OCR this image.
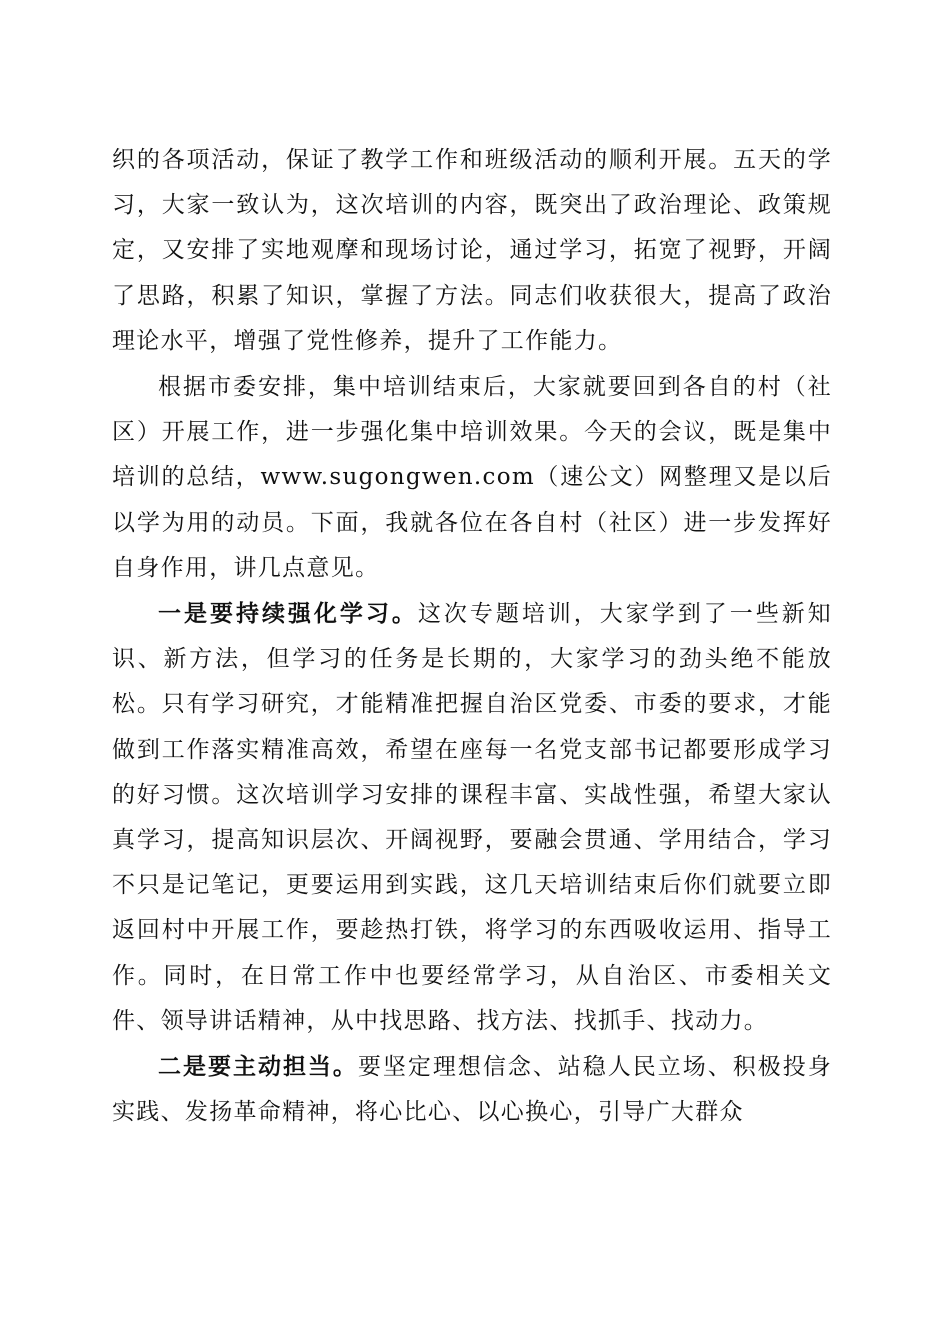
织的各项活动，保证了教学工作和班级活动的顺利开展。五天的学习，大家一致认为，这次培训的内容，既突出了政治理论、政策规定，又安排了实地观摩和现场讨论，通过学习，拓宽了视野，开阔了思路，积累了知识，掌握了方法。同志们收获很大，提高了政治理论水平，增强了党性修养，提升了工作能力。

根据市委安排，集中培训结束后，大家就要回到各自的村（社区）开展工作，进一步强化集中培训效果。今天的会议，既是集中培训的总结，www.sugongwen.com（速公文）网整理又是以后以学为用的动员。下面，我就各位在各自村（社区）进一步发挥好自身作用，讲几点意见。

一是要持续强化学习。这次专题培训，大家学到了一些新知识、新方法，但学习的任务是长期的，大家学习的劲头绝不能放松。只有学习研究，才能精准把握自治区党委、市委的要求，才能做到工作落实精准高效，希望在座每一名党支部书记都要形成学习的好习惯。这次培训学习安排的课程丰富、实战性强，希望大家认真学习，提高知识层次、开阔视野，要融会贯通、学用结合，学习不只是记笔记，更要运用到实践，这几天培训结束后你们就要立即返回村中开展工作，要趁热打铁，将学习的东西吸收运用、指导工作。同时，在日常工作中也要经常学习，从自治区、市委相关文件、领导讲话精神，从中找思路、找方法、找抓手、找动力。

二是要主动担当。要坚定理想信念、站稳人民立场、积极投身实践、发扬革命精神，将心比心、以心换心，引导广大群众
